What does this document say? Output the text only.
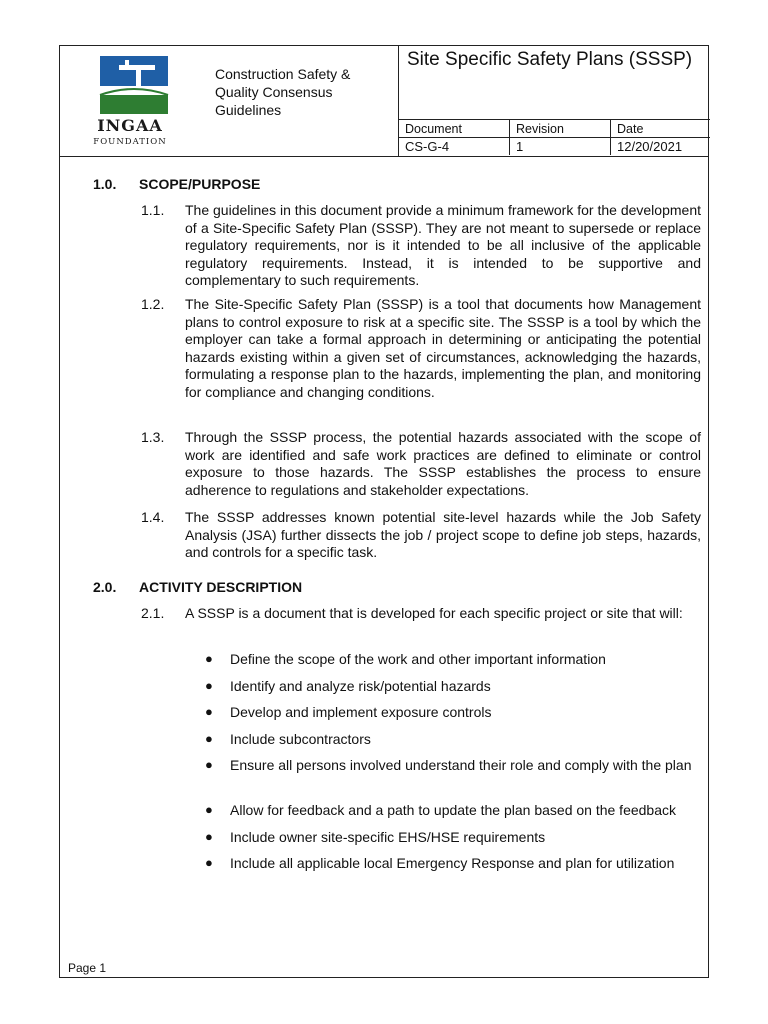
INGAA
FOUNDATION
Construction Safety & Quality Consensus Guidelines
Site Specific Safety Plans (SSSP)
Document	Revision	Date
CS-G-4	1	12/20/2021
1.0. SCOPE/PURPOSE
1.1. The guidelines in this document provide a minimum framework for the development of a Site-Specific Safety Plan (SSSP). They are not meant to supersede or replace regulatory requirements, nor is it intended to be all inclusive of the applicable regulatory requirements. Instead, it is intended to be supportive and complementary to such requirements.
1.2. The Site-Specific Safety Plan (SSSP) is a tool that documents how Management plans to control exposure to risk at a specific site. The SSSP is a tool by which the employer can take a formal approach in determining or anticipating the potential hazards existing within a given set of circumstances, acknowledging the hazards, formulating a response plan to the hazards, implementing the plan, and monitoring for compliance and changing conditions.
1.3. Through the SSSP process, the potential hazards associated with the scope of work are identified and safe work practices are defined to eliminate or control exposure to those hazards. The SSSP establishes the process to ensure adherence to regulations and stakeholder expectations.
1.4. The SSSP addresses known potential site-level hazards while the Job Safety Analysis (JSA) further dissects the job / project scope to define job steps, hazards, and controls for a specific task.
2.0. ACTIVITY DESCRIPTION
2.1. A SSSP is a document that is developed for each specific project or site that will:
● Define the scope of the work and other important information
● Identify and analyze risk/potential hazards
● Develop and implement exposure controls
● Include subcontractors
● Ensure all persons involved understand their role and comply with the plan
● Allow for feedback and a path to update the plan based on the feedback
● Include owner site-specific EHS/HSE requirements
● Include all applicable local Emergency Response and plan for utilization
Page 1
